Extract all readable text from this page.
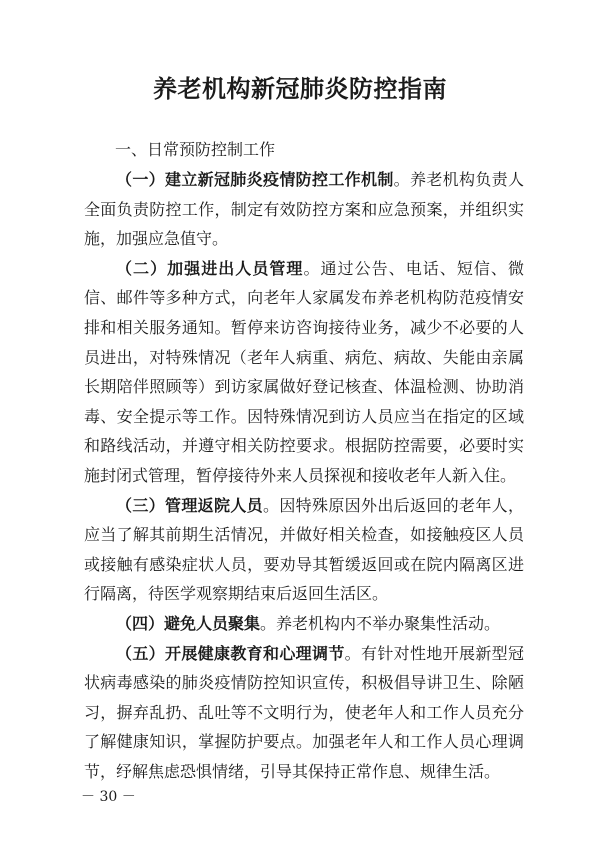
养老机构新冠肺炎防控指南
一、日常预防控制工作

（一）建立新冠肺炎疫情防控工作机制。养老机构负责人全面负责防控工作，制定有效防控方案和应急预案，并组织实施，加强应急值守。

（二）加强进出人员管理。通过公告、电话、短信、微信、邮件等多种方式，向老年人家属发布养老机构防范疫情安排和相关服务通知。暂停来访咨询接待业务，减少不必要的人员进出，对特殊情况（老年人病重、病危、病故、失能由亲属长期陪伴照顾等）到访家属做好登记核查、体温检测、协助消毒、安全提示等工作。因特殊情况到访人员应当在指定的区域和路线活动，并遵守相关防控要求。根据防控需要，必要时实施封闭式管理，暂停接待外来人员探视和接收老年人新入住。

（三）管理返院人员。因特殊原因外出后返回的老年人，应当了解其前期生活情况，并做好相关检查，如接触疫区人员或接触有感染症状人员，要劝导其暂缓返回或在院内隔离区进行隔离，待医学观察期结束后返回生活区。

（四）避免人员聚集。养老机构内不举办聚集性活动。

（五）开展健康教育和心理调节。有针对性地开展新型冠状病毒感染的肺炎疫情防控知识宣传，积极倡导讲卫生、除陋习，摒弃乱扔、乱吐等不文明行为，使老年人和工作人员充分了解健康知识，掌握防护要点。加强老年人和工作人员心理调节，纾解焦虑恐惧情绪，引导其保持正常作息、规律生活。

－ 30 －
